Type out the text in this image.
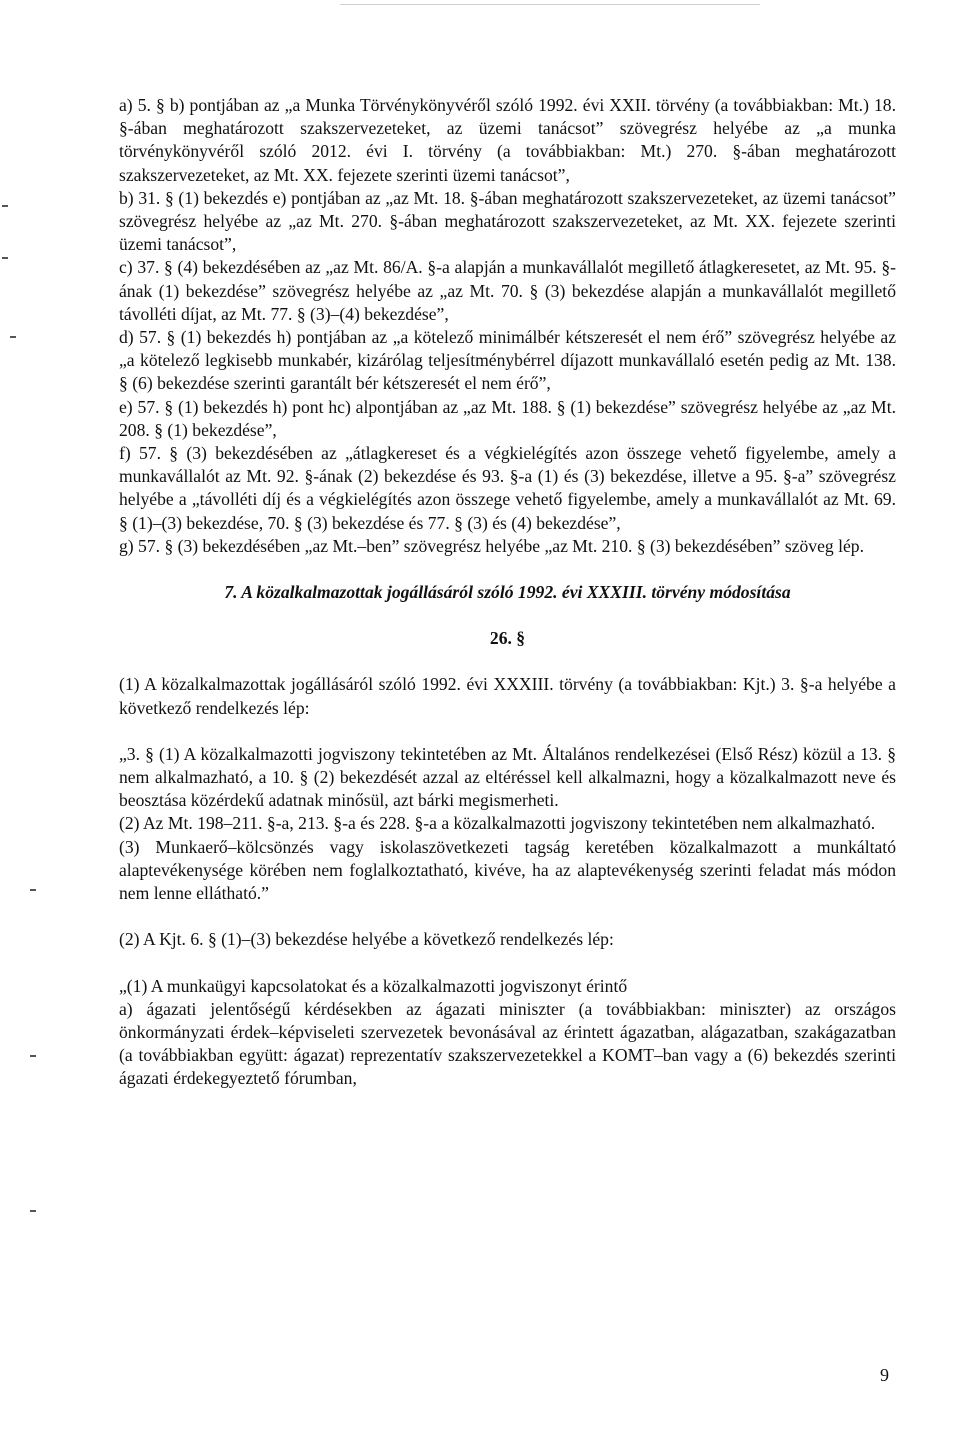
a) 5. § b) pontjában az „a Munka Törvénykönyvéről szóló 1992. évi XXII. törvény (a továbbiakban: Mt.) 18. §-ában meghatározott szakszervezeteket, az üzemi tanácsot” szövegrész helyébe az „a munka törvénykönyvéről szóló 2012. évi I. törvény (a továbbiakban: Mt.) 270. §-ában meghatározott szakszervezeteket, az Mt. XX. fejezete szerinti üzemi tanácsot”,

b) 31. § (1) bekezdés e) pontjában az „az Mt. 18. §-ában meghatározott szakszervezeteket, az üzemi tanácsot” szövegrész helyébe az „az Mt. 270. §-ában meghatározott szakszervezeteket, az Mt. XX. fejezete szerinti üzemi tanácsot”,

c) 37. § (4) bekezdésében az „az Mt. 86/A. §-a alapján a munkavállalót megillető átlagkeresetet, az Mt. 95. §-ának (1) bekezdése” szövegrész helyébe az „az Mt. 70. § (3) bekezdése alapján a munkavállalót megillető távolléti díjat, az Mt. 77. § (3)–(4) bekezdése”,

d) 57. § (1) bekezdés h) pontjában az „a kötelező minimálbér kétszeresét el nem érő” szövegrész helyébe az „a kötelező legkisebb munkabér, kizárólag teljesítménybérrel díjazott munkavállaló esetén pedig az Mt. 138. § (6) bekezdése szerinti garantált bér kétszeresét el nem érő”,

e) 57. § (1) bekezdés h) pont hc) alpontjában az „az Mt. 188. § (1) bekezdése” szövegrész helyébe az „az Mt. 208. § (1) bekezdése”,

f) 57. § (3) bekezdésében az „átlagkereset és a végkielégítés azon összege vehető figyelembe, amely a munkavállalót az Mt. 92. §-ának (2) bekezdése és 93. §-a (1) és (3) bekezdése, illetve a 95. §-a” szövegrész helyébe a „távolléti díj és a végkielégítés azon összege vehető figyelembe, amely a munkavállalót az Mt. 69. § (1)–(3) bekezdése, 70. § (3) bekezdése és 77. § (3) és (4) bekezdése”,

g) 57. § (3) bekezdésében „az Mt.–ben” szövegrész helyébe „az Mt. 210. § (3) bekezdésében” szöveg lép.

7. A közalkalmazottak jogállásáról szóló 1992. évi XXXIII. törvény módosítása

26. §

(1) A közalkalmazottak jogállásáról szóló 1992. évi XXXIII. törvény (a továbbiakban: Kjt.) 3. §-a helyébe a következő rendelkezés lép:

„3. § (1) A közalkalmazotti jogviszony tekintetében az Mt. Általános rendelkezései (Első Rész) közül a 13. § nem alkalmazható, a 10. § (2) bekezdését azzal az eltéréssel kell alkalmazni, hogy a közalkalmazott neve és beosztása közérdekű adatnak minősül, azt bárki megismerheti.

(2) Az Mt. 198–211. §-a, 213. §-a és 228. §-a a közalkalmazotti jogviszony tekintetében nem alkalmazható.

(3) Munkaerő–kölcsönzés vagy iskolaszövetkezeti tagság keretében közalkalmazott a munkáltató alaptevékenysége körében nem foglalkoztatható, kivéve, ha az alaptevékenység szerinti feladat más módon nem lenne ellátható.”

(2) A Kjt. 6. § (1)–(3) bekezdése helyébe a következő rendelkezés lép:

„(1) A munkaügyi kapcsolatokat és a közalkalmazotti jogviszonyt érintő

a) ágazati jelentőségű kérdésekben az ágazati miniszter (a továbbiakban: miniszter) az országos önkormányzati érdek–képviseleti szervezetek bevonásával az érintett ágazatban, alágazatban, szakágazatban (a továbbiakban együtt: ágazat) reprezentatív szakszervezetekkel a KOMT–ban vagy a (6) bekezdés szerinti ágazati érdekegyeztető fórumban,

9
